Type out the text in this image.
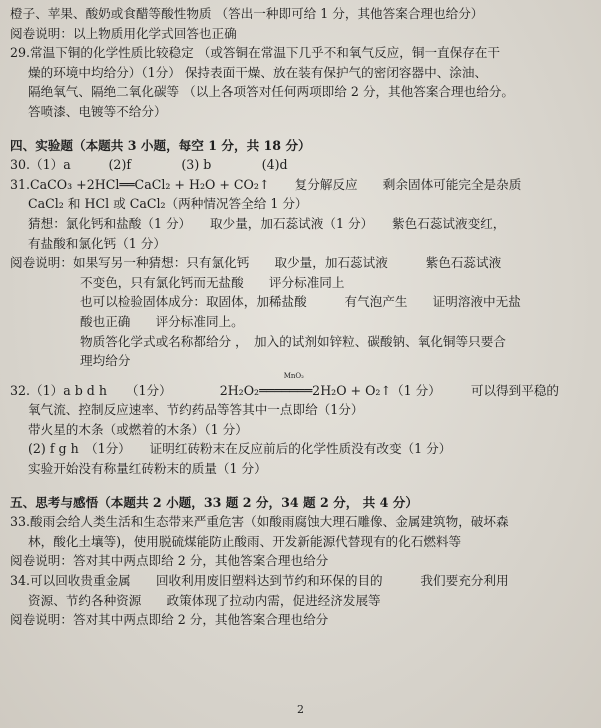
橙子、苹果、酸奶或食醋等酸性物质 （答出一种即可给 1 分，其他答案合理也给分）
阅卷说明：以上物质用化学式回答也正确
29.常温下铜的化学性质比较稳定 （或答铜在常温下几乎不和氧气反应，铜一直保存在干
燥的环境中均给分）（1分） 保持表面干燥、放在装有保护气的密闭容器中、涂油、
隔绝氧气、隔绝二氧化碳等 （以上各项答对任何两项即给 2 分，其他答案合理也给分。
答喷漆、电镀等不给分）
四、实验题（本题共 3 小题，每空 1 分，共 18 分）
30.（1）a　　　(2)f　　　　(3) b　　　　(4)d
31.CaCO₃ +2HCl══CaCl₂ + H₂O + CO₂↑　　复分解反应　　剩余固体可能完全是杂质
CaCl₂ 和 HCl 或 CaCl₂（两种情况答全给 1 分）
猜想：氯化钙和盐酸（1 分）　　取少量，加石蕊试液（1 分）　　紫色石蕊试液变红，
有盐酸和氯化钙（1 分）
阅卷说明：如果写另一种猜想：只有氯化钙　　取少量，加石蕊试液　　　紫色石蕊试液
不变色，只有氯化钙而无盐酸　　评分标准同上
也可以检验固体成分：取固体，加稀盐酸　　　有气泡产生　　证明溶液中无盐
酸也正确　　评分标准同上。
物质答化学式或名称都给分 ，　加入的试剂如锌粒、碳酸钠、氧化铜等只要合
理均给分
32.（1）a b d h　　（1分）
MnO₂
2H₂O₂═══════2H₂O + O₂↑（1 分） 可以得到平稳的
氧气流、控制反应速率、节约药品等答其中一点即给（1分）
带火星的木条（或燃着的木条）（1 分）
(2) f g h　（1分）　　证明红砖粉末在反应前后的化学性质没有改变（1 分）
实验开始没有称量红砖粉末的质量（1 分）
五、思考与感悟（本题共 2 小题，33 题 2 分，34 题 2 分， 共 4 分）
33.酸雨会给人类生活和生态带来严重危害（如酸雨腐蚀大理石雕像、金属建筑物，破坏森
林，酸化土壤等)，使用脱硫煤能防止酸雨、开发新能源代替现有的化石燃料等
阅卷说明：答对其中两点即给 2 分，其他答案合理也给分
34.可以回收贵重金属　　回收利用废旧塑料达到节约和环保的目的　　　我们要充分利用
资源、节约各种资源　　政策体现了拉动内需，促进经济发展等
阅卷说明：答对其中两点即给 2 分，其他答案合理也给分
2
